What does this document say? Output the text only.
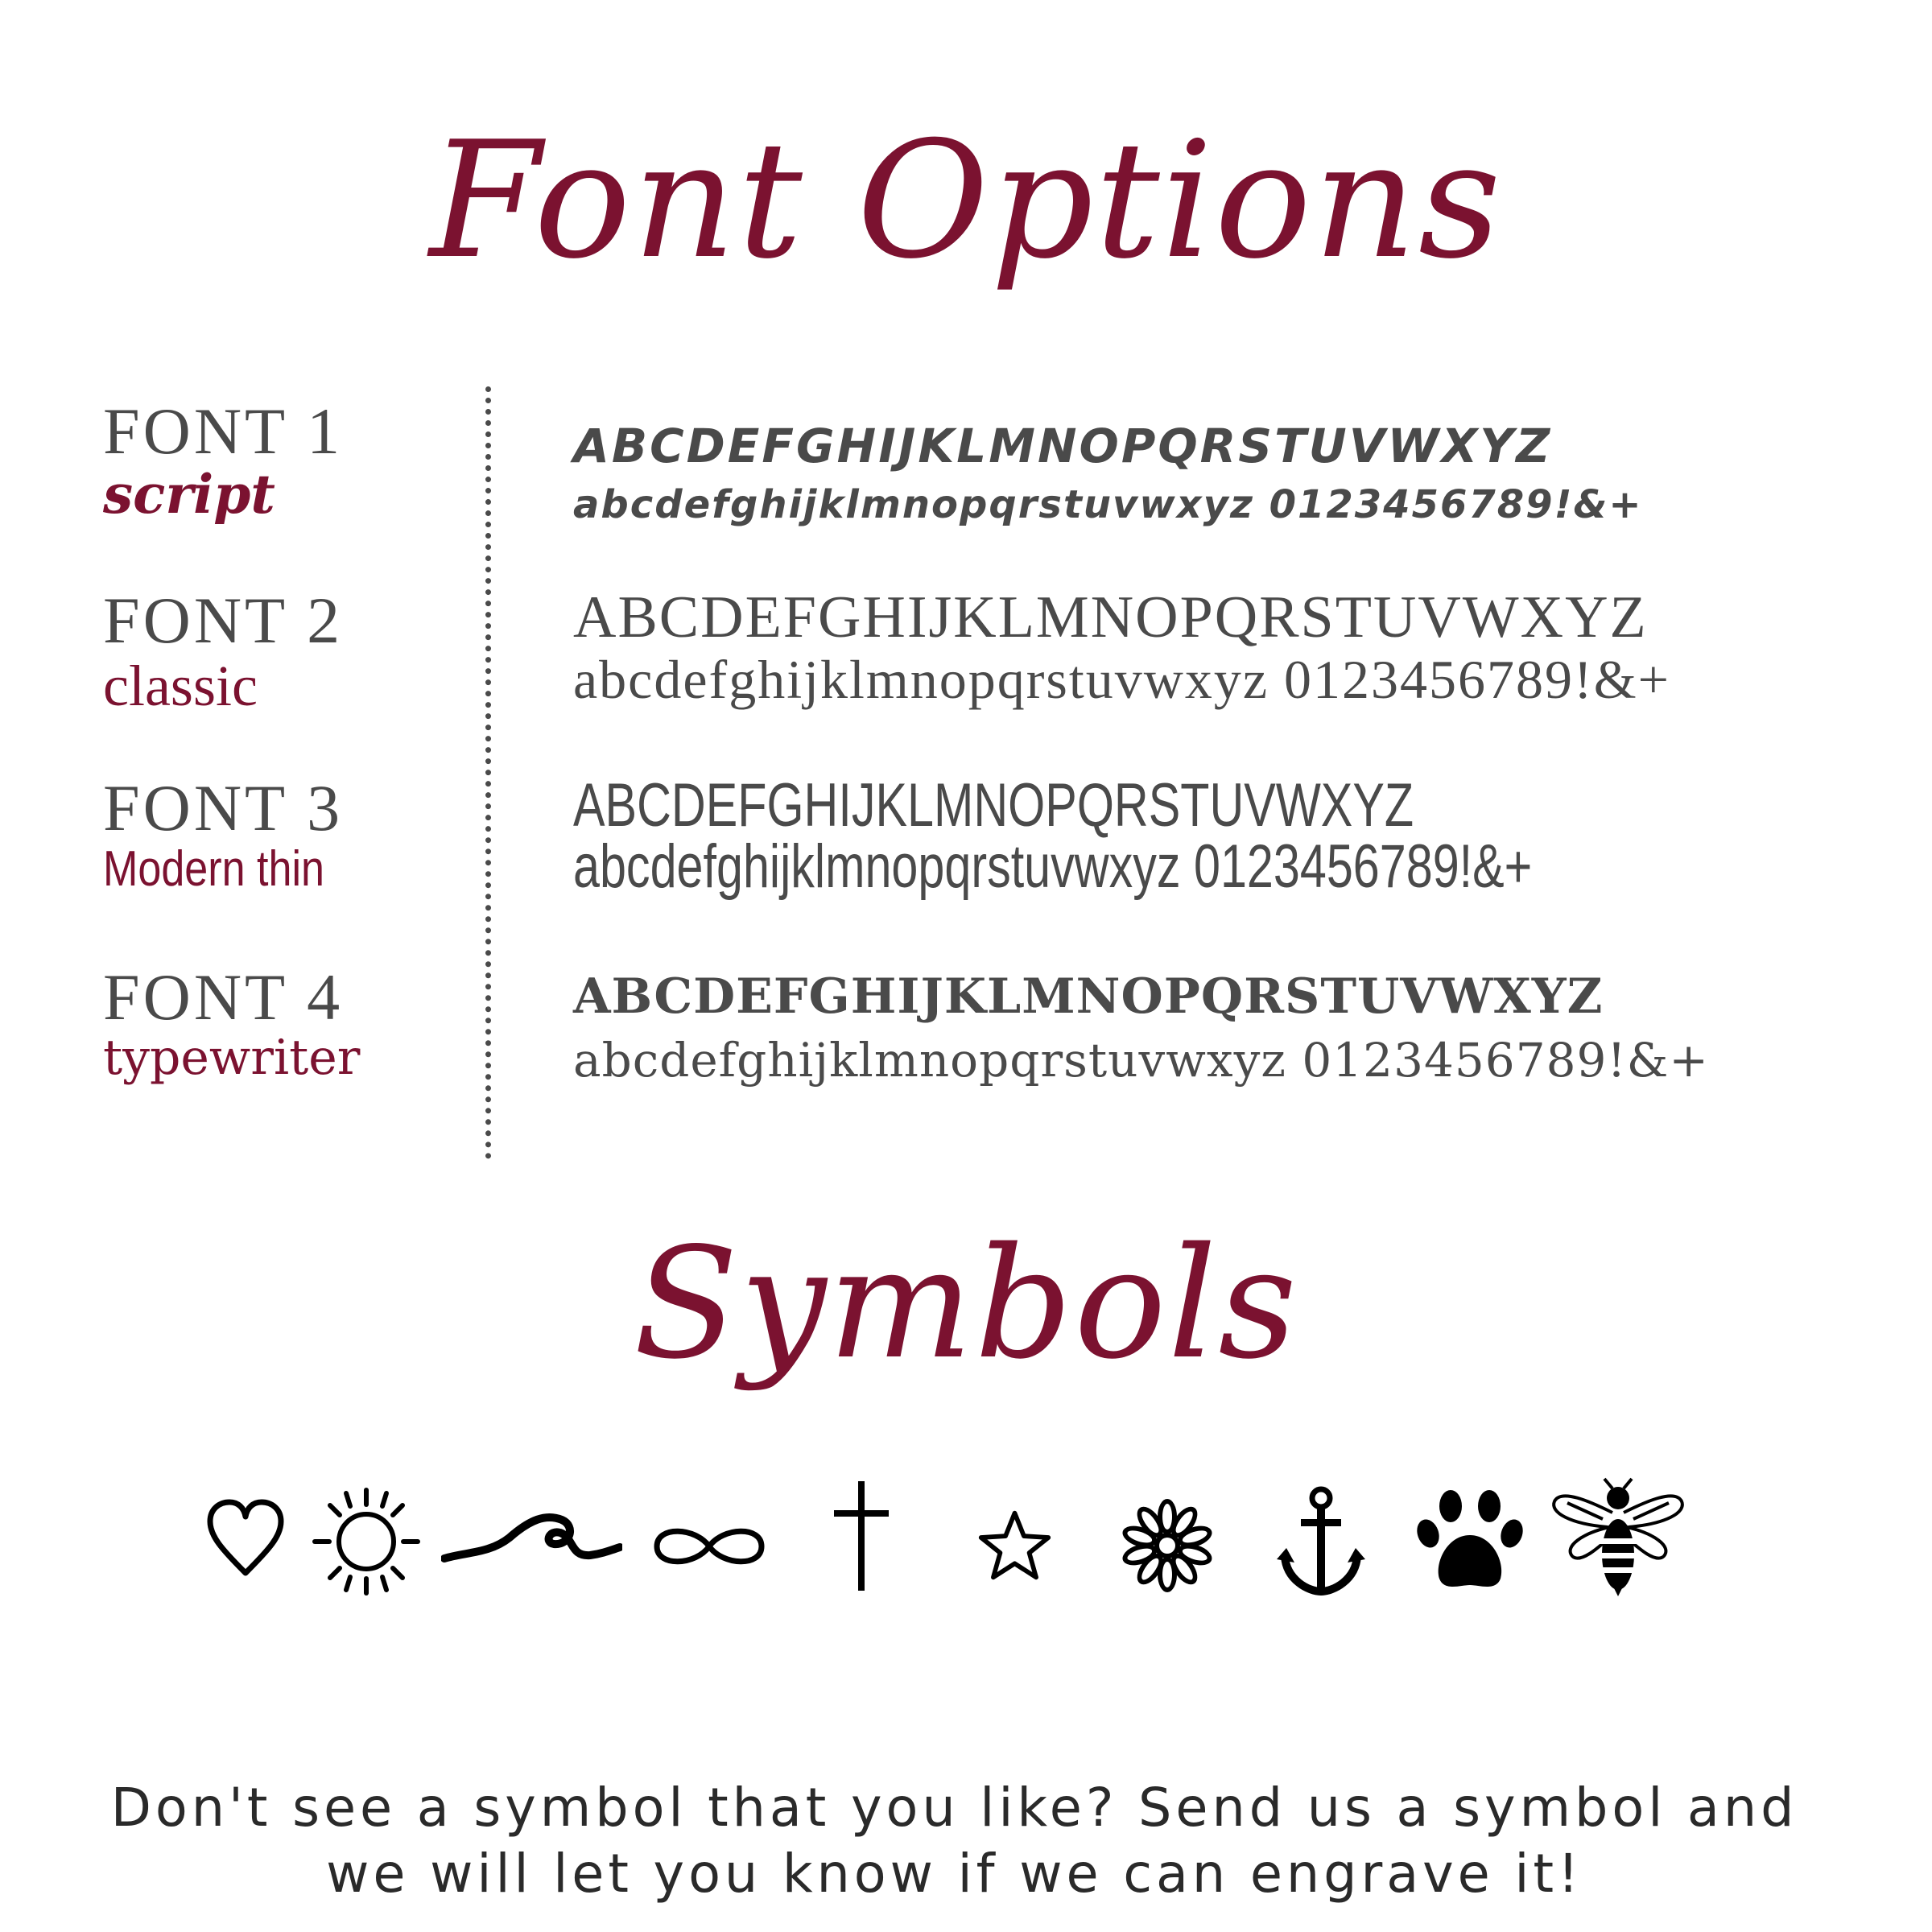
Font Options
FONT 1
script
ABCDEFGHIJKLMNOPQRSTUVWXYZ
abcdefghijklmnopqrstuvwxyz 0123456789!&+
FONT 2
classic
ABCDEFGHIJKLMNOPQRSTUVWXYZ
abcdefghijklmnopqrstuvwxyz 0123456789!&+
FONT 3
Modern thin
ABCDEFGHIJKLMNOPQRSTUVWXYZ
abcdefghijklmnopqrstuvwxyz 0123456789!&+
FONT 4
typewriter
ABCDEFGHIJKLMNOPQRSTUVWXYZ
abcdefghijklmnopqrstuvwxyz 0123456789!&+
Symbols
Don't see a symbol that you like? Send us a symbol and
we will let you know if we can engrave it!
